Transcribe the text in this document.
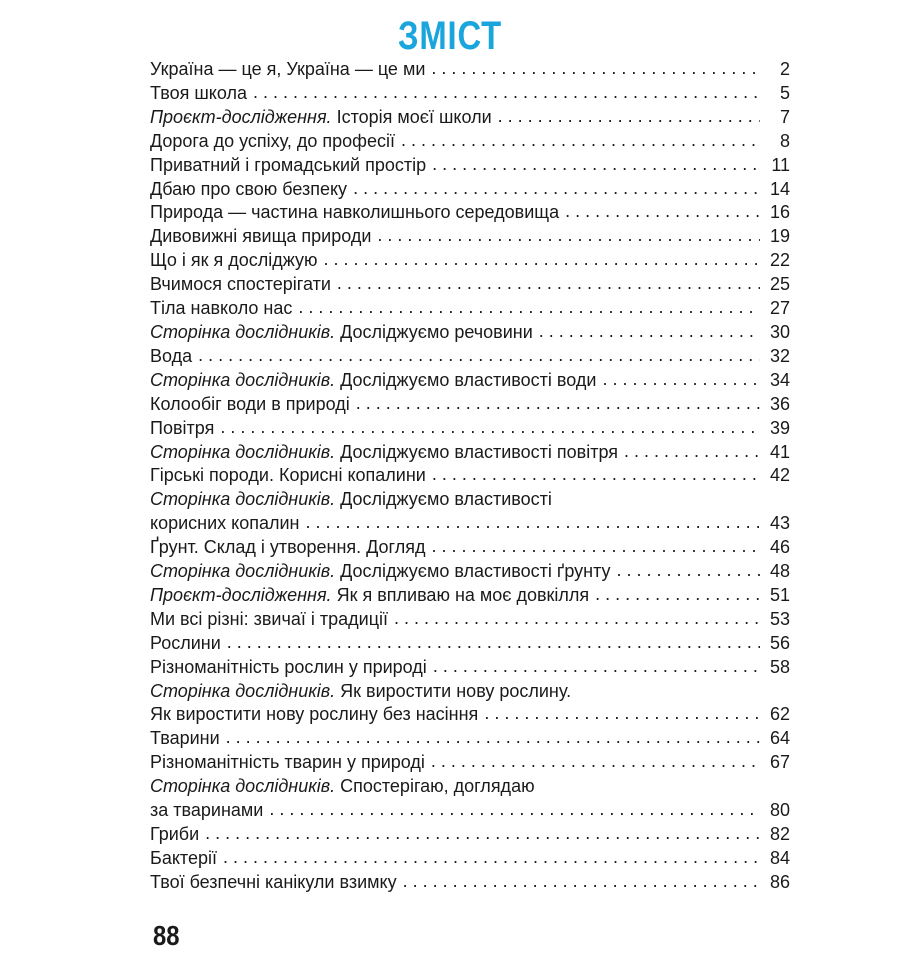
ЗМІСТ
Україна — це я, Україна — це ми . . .	2
Твоя школа . . .	5
Проєкт-дослідження. Історія моєї школи . . .	7
Дорога до успіху, до професії . . .	8
Приватний і громадський простір . . .	11
Дбаю про свою безпеку . . .	14
Природа — частина навколишнього середовища . . .	16
Дивовижні явища природи . . .	19
Що і як я досліджую . . .	22
Вчимося спостерігати . . .	25
Тіла навколо нас . . .	27
Сторінка дослідників. Досліджуємо речовини . . .	30
Вода . . .	32
Сторінка дослідників. Досліджуємо властивості води . . .	34
Колообіг води в природі . . .	36
Повітря . . .	39
Сторінка дослідників. Досліджуємо властивості повітря . . .	41
Гірські породи. Корисні копалини . . .	42
Сторінка дослідників. Досліджуємо властивості
корисних копалин . . .	43
Ґрунт. Склад і утворення. Догляд . . .	46
Сторінка дослідників. Досліджуємо властивості ґрунту . . .	48
Проєкт-дослідження. Як я впливаю на моє довкілля . . .	51
Ми всі різні: звичаї і традиції . . .	53
Рослини . . .	56
Різноманітність рослин у природі . . .	58
Сторінка дослідників. Як виростити нову рослину.
Як виростити нову рослину без насіння . . .	62
Тварини . . .	64
Різноманітність тварин у природі . . .	67
Сторінка дослідників. Спостерігаю, доглядаю
за тваринами . . .	80
Гриби . . .	82
Бактерії . . .	84
Твої безпечні канікули взимку . . .	86
88
